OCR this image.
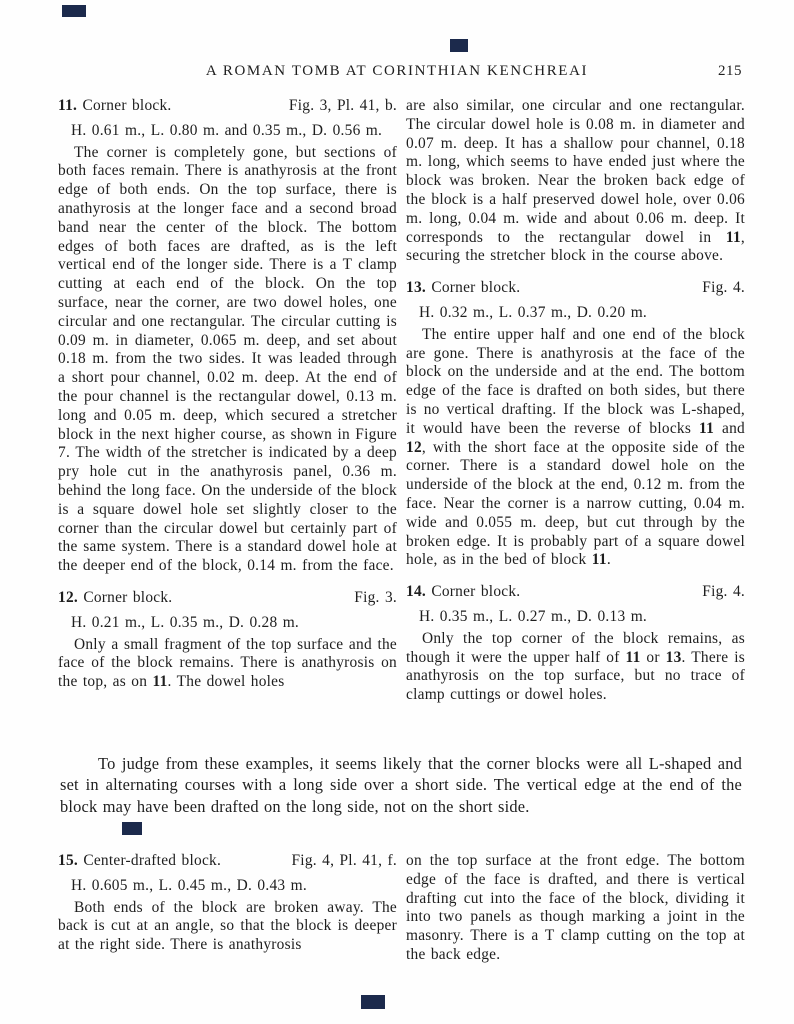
A ROMAN TOMB AT CORINTHIAN KENCHREAI	215
11. Corner block.	Fig. 3, Pl. 41, b.
H. 0.61 m., L. 0.80 m. and 0.35 m., D. 0.56 m.

The corner is completely gone, but sections of both faces remain. There is anathyrosis at the front edge of both ends. On the top surface, there is anathyrosis at the longer face and a second broad band near the center of the block. The bottom edges of both faces are drafted, as is the left vertical end of the longer side. There is a T clamp cutting at each end of the block. On the top surface, near the corner, are two dowel holes, one circular and one rectangular. The circular cutting is 0.09 m. in diameter, 0.065 m. deep, and set about 0.18 m. from the two sides. It was leaded through a short pour channel, 0.02 m. deep. At the end of the pour channel is the rectangular dowel, 0.13 m. long and 0.05 m. deep, which secured a stretcher block in the next higher course, as shown in Figure 7. The width of the stretcher is indicated by a deep pry hole cut in the anathyrosis panel, 0.36 m. behind the long face. On the underside of the block is a square dowel hole set slightly closer to the corner than the circular dowel but certainly part of the same system. There is a standard dowel hole at the deeper end of the block, 0.14 m. from the face.

12. Corner block.	Fig. 3.
H. 0.21 m., L. 0.35 m., D. 0.28 m.

Only a small fragment of the top surface and the face of the block remains. There is anathyrosis on the top, as on 11. The dowel holes

are also similar, one circular and one rectangular. The circular dowel hole is 0.08 m. in diameter and 0.07 m. deep. It has a shallow pour channel, 0.18 m. long, which seems to have ended just where the block was broken. Near the broken back edge of the block is a half preserved dowel hole, over 0.06 m. long, 0.04 m. wide and about 0.06 m. deep. It corresponds to the rectangular dowel in 11, securing the stretcher block in the course above.

13. Corner block.	Fig. 4.
H. 0.32 m., L. 0.37 m., D. 0.20 m.

The entire upper half and one end of the block are gone. There is anathyrosis at the face of the block on the underside and at the end. The bottom edge of the face is drafted on both sides, but there is no vertical drafting. If the block was L-shaped, it would have been the reverse of blocks 11 and 12, with the short face at the opposite side of the corner. There is a standard dowel hole on the underside of the block at the end, 0.12 m. from the face. Near the corner is a narrow cutting, 0.04 m. wide and 0.055 m. deep, but cut through by the broken edge. It is probably part of a square dowel hole, as in the bed of block 11.

14. Corner block.	Fig. 4.
H. 0.35 m., L. 0.27 m., D. 0.13 m.

Only the top corner of the block remains, as though it were the upper half of 11 or 13. There is anathyrosis on the top surface, but no trace of clamp cuttings or dowel holes.

To judge from these examples, it seems likely that the corner blocks were all L-shaped and set in alternating courses with a long side over a short side. The vertical edge at the end of the block may have been drafted on the long side, not on the short side.

15. Center-drafted block.	Fig. 4, Pl. 41, f.
H. 0.605 m., L. 0.45 m., D. 0.43 m.

Both ends of the block are broken away. The back is cut at an angle, so that the block is deeper at the right side. There is anathyrosis

on the top surface at the front edge. The bottom edge of the face is drafted, and there is vertical drafting cut into the face of the block, dividing it into two panels as though marking a joint in the masonry. There is a T clamp cutting on the top at the back edge.
